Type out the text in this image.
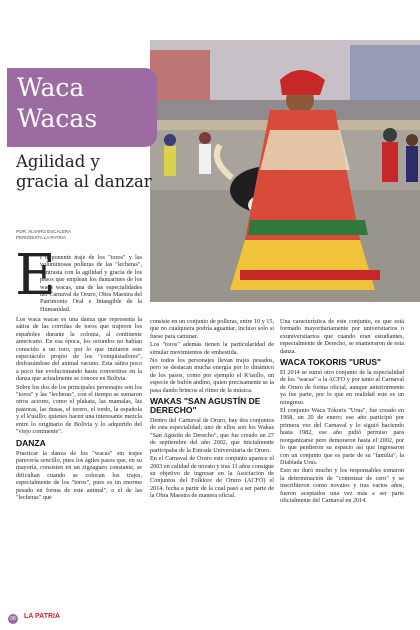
Waca
Wacas
Agilidad y gracia al danzar
POR: ÁLVARO ESCALERA
PERIODISTA LA PATRIA
E
l imponente traje de los "toros" y las voluminosas polleras de las "lecheras", contrasta con la agilidad y gracia de los pasos que emplean los danzarines de los waca wacas, una de las especialidades del Carnaval de Oruro, Obra Maestra del Patrimonio Oral e Intangible de la Humanidad.

Los waca wacas es una danza que representa la sátira de las corridas de toros que trajeron los españoles durante la colonia, al continente americano. En esa época, los oriundos no habían conocido a un toro, por lo que imitaron este espectáculo propio de los "conquistadores", disfrazándose del animal vacuno. Esta sátira poco a poco fue evolucionando hasta convertirse en la danza que actualmente se conoce en Bolivia.

Sobre los dos de los principales personajes son los "toros" y las "lecheras", con el tiempo se sumaron otros actores, como el plakata, las mamalas, las pastoras, las ñusas, el torero, el tordo, la española y el k'usillo; quienes hacen una interesante mezcla entre lo originario de Bolivia y lo adquirido del "viejo continente".

DANZA

Practicar la danza de los "wacas" sin trajes parecería sencillo, pues los ágiles pasos que, en su mayoría, consisten en un zigzagueo constante, se dificultan cuando se colocan los trajes, especialmente de los "toros", pues es un enorme pesado en forma de este animal", o el de las "lecheras" que

consiste en un conjunto de polleras, entre 10 y 15, que no cualquiera podría aguantar, incluso solo si fuese para caminar.

Los "toros" además tienen la particularidad de simular movimientos de embestida.

No todos los personajes llevan trajes pesados, pero se destacan mucha energía por lo dinámico de los pasos, como por ejemplo el K'usillo, un especie de bufón andino, quien precisamente se la pasa dando brincos al ritmo de la música.

WAKAS "SAN AGUSTÍN DE DERECHO"

Dentro del Carnaval de Oruro, hay dos conjuntos de esta especialidad; uno de ellos son los Wakas "San Agustín de Derecho", que fue creado un 27 de septiembre del año 2002, que inicialmente participaba de la Entrada Universitaria de Oruro.

En el Carnaval de Oruro este conjunto aparece el 2003 en calidad de novato y tras 11 años consigue su objetivo de ingresar en la Asociación de Conjuntos del Folklore de Oruro (ACFO) el 2014, fecha a partir de la cual pasó a ser parte de la Obra Maestra de manera oficial.

Una característica de este conjunto, es que está formado mayoritariamente por universitarios o exuniversitarios que cuando eran estudiantes, especialmente de Derecho, se enamoraron de esta danza.

WACA TOKORIS "URUS"

El 2014 se sumó otro conjunto de la especialidad de los "wacas" a la ACFO y por tanto al Carnaval de Oruro de forma oficial, aunque anteriormente ya fue parte, por lo que en realidad este es un reingreso.

El conjunto Waca Tokoris "Urus", fue creado en 1968, un 20 de enero; ese año participó por primera vez del Carnaval y lo siguió haciendo hasta 1982, ese año pidió permiso para reorganizarse pero demoraron hasta el 2002, por lo que perdieron su espacio así que ingresaron con un conjunto que es parte de su "familia", la Diablada Urus.

Esto no duró mucho y los responsables tomaron la determinación de "comenzar de cero" y se inscribieron como novatos y tras varios años, fueron aceptados una vez más a ser parte oficialmente del Carnaval en 2014.

06	LA PATRIA
